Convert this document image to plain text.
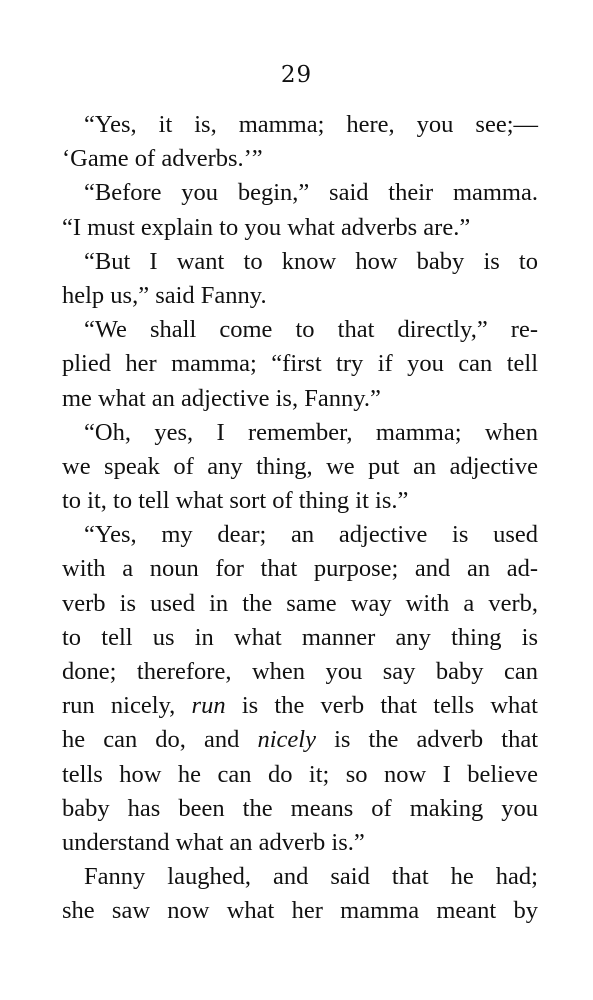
29
“Yes, it is, mamma; here, you see;—
‘Game of adverbs.’”
“Before you begin,” said their mamma.
“I must explain to you what adverbs are.”
“But I want to know how baby is to
help us,” said Fanny.
“We shall come to that directly,” re-
plied her mamma; “first try if you can tell
me what an adjective is, Fanny.”
“Oh, yes, I remember, mamma; when
we speak of any thing, we put an adjective
to it, to tell what sort of thing it is.”
“Yes, my dear; an adjective is used
with a noun for that purpose; and an ad-
verb is used in the same way with a verb,
to tell us in what manner any thing is
done; therefore, when you say baby can
run nicely, run is the verb that tells what
he can do, and nicely is the adverb that
tells how he can do it; so now I believe
baby has been the means of making you
understand what an adverb is.”
Fanny laughed, and said that he had;
she saw now what her mamma meant by
